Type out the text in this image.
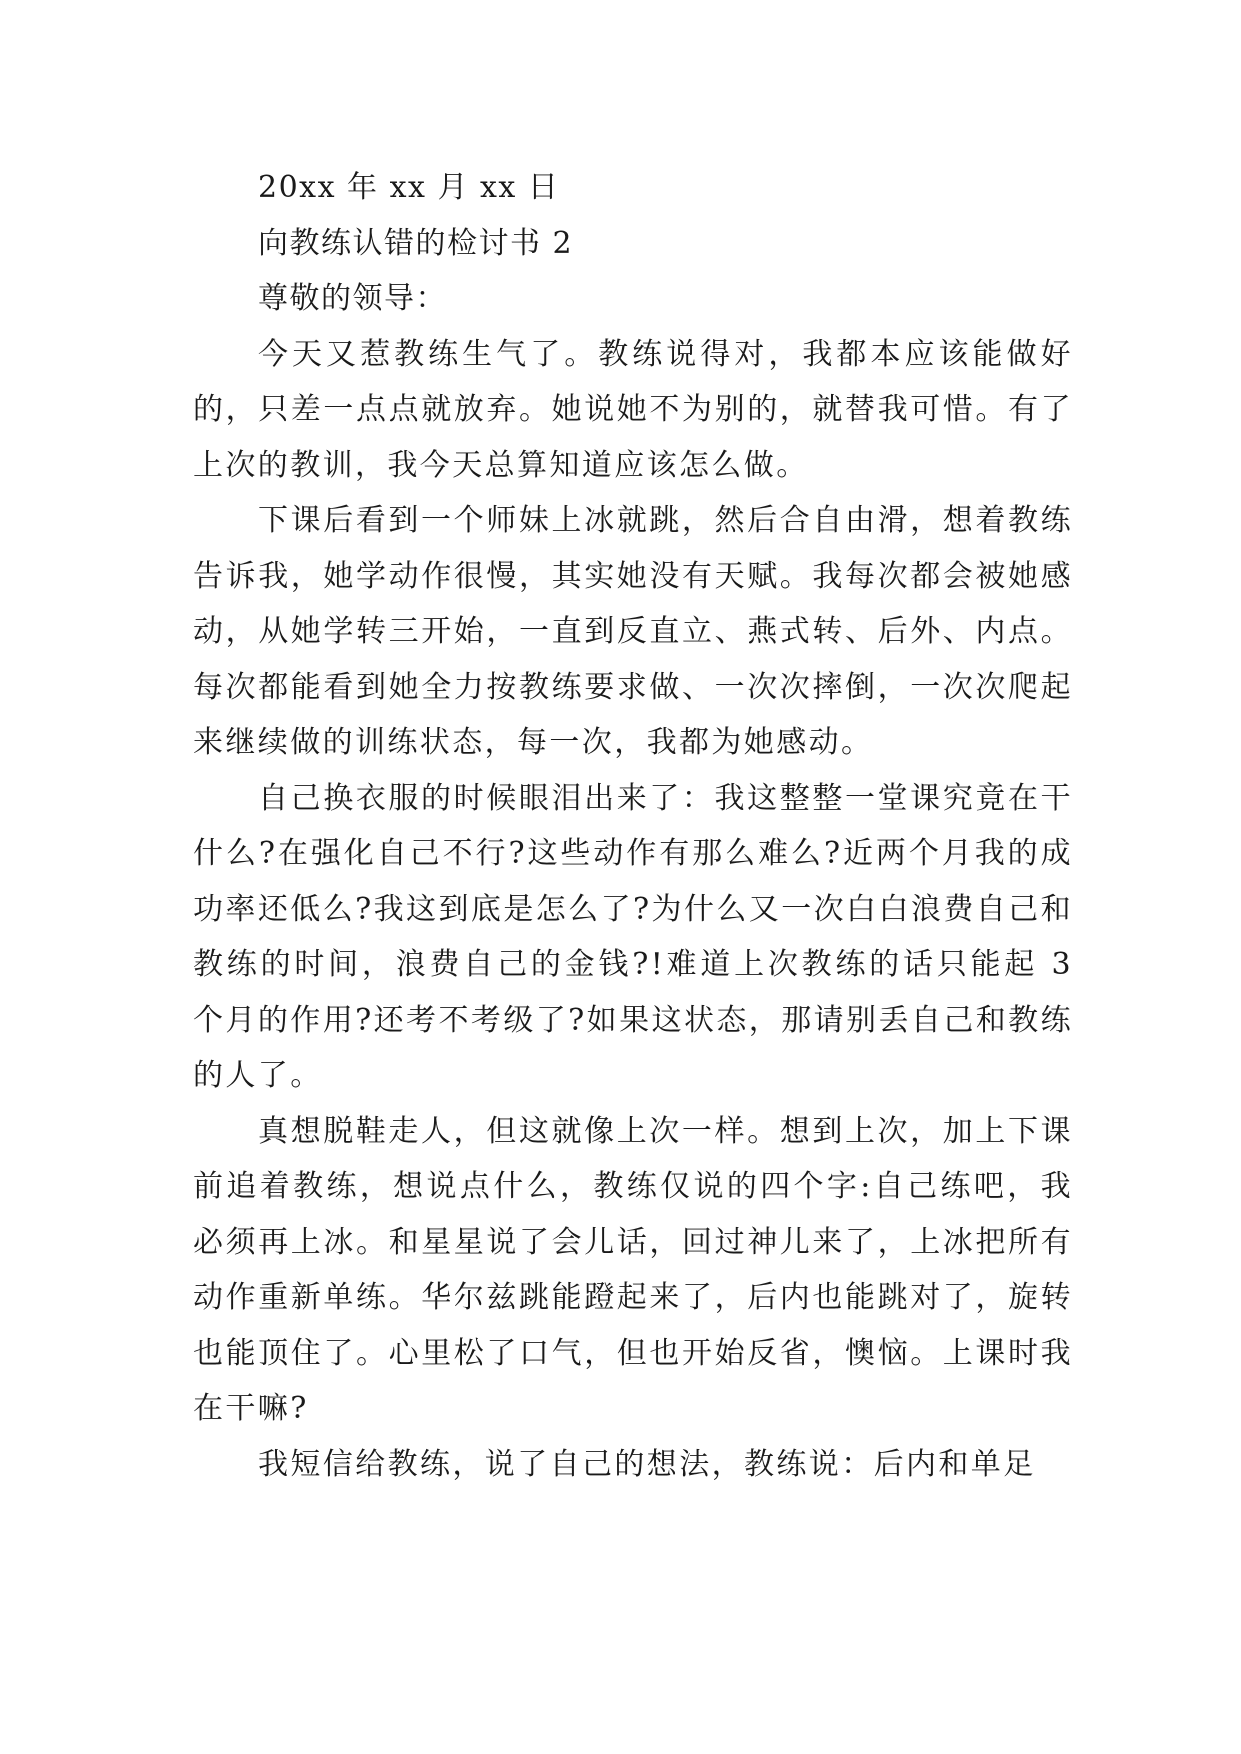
20xx 年 xx 月 xx 日

向教练认错的检讨书 2

尊敬的领导：

今天又惹教练生气了。教练说得对，我都本应该能做好的，只差一点点就放弃。她说她不为别的，就替我可惜。有了上次的教训，我今天总算知道应该怎么做。

下课后看到一个师妹上冰就跳，然后合自由滑，想着教练告诉我，她学动作很慢，其实她没有天赋。我每次都会被她感动，从她学转三开始，一直到反直立、燕式转、后外、内点。每次都能看到她全力按教练要求做、一次次摔倒，一次次爬起来继续做的训练状态，每一次，我都为她感动。

自己换衣服的时候眼泪出来了：我这整整一堂课究竟在干什么?在强化自己不行?这些动作有那么难么?近两个月我的成功率还低么?我这到底是怎么了?为什么又一次白白浪费自己和教练的时间，浪费自己的金钱?!难道上次教练的话只能起 3 个月的作用?还考不考级了?如果这状态，那请别丢自己和教练的人了。

真想脱鞋走人，但这就像上次一样。想到上次，加上下课前追着教练，想说点什么，教练仅说的四个字:自己练吧，我必须再上冰。和星星说了会儿话，回过神儿来了，上冰把所有动作重新单练。华尔兹跳能蹬起来了，后内也能跳对了，旋转也能顶住了。心里松了口气，但也开始反省，懊恼。上课时我在干嘛?

我短信给教练，说了自己的想法，教练说：后内和单足
